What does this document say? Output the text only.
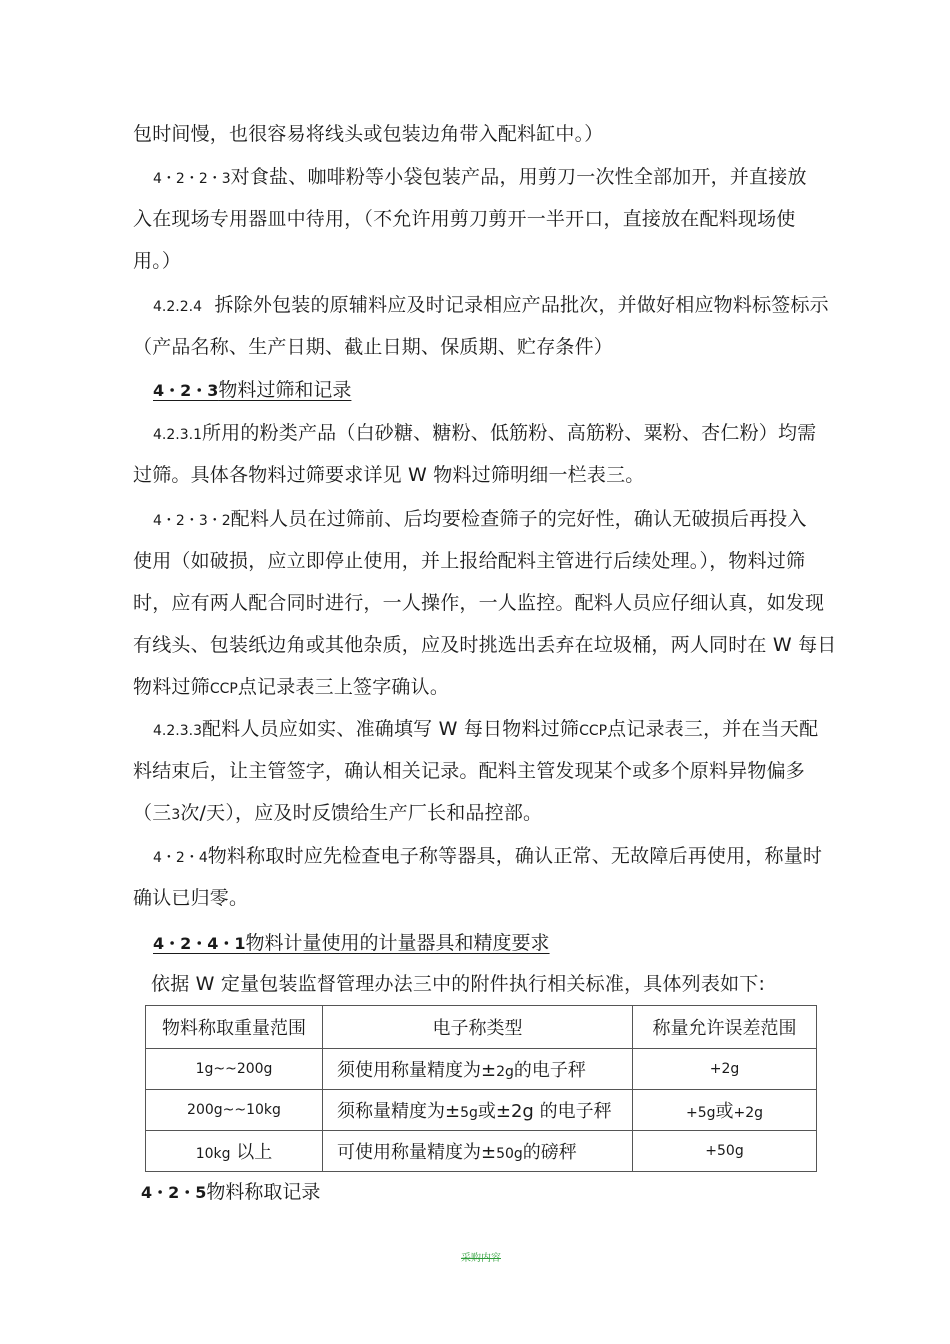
包时间慢，也很容易将线头或包装边角带入配料缸中。）
4・2・2・3对食盐、咖啡粉等小袋包装产品，用剪刀一次性全部加开，并直接放
入在现场专用器皿中待用，（不允许用剪刀剪开一半开口，直接放在配料现场使
用。）
4.2.2.4 拆除外包装的原辅料应及时记录相应产品批次，并做好相应物料标签标示
（产品名称、生产日期、截止日期、保质期、贮存条件）
4・2・3物料过筛和记录
4.2.3.1所用的粉类产品（白砂糖、糖粉、低筋粉、高筋粉、粟粉、杏仁粉）均需
过筛。具体各物料过筛要求详见 W 物料过筛明细一栏表三。
4・2・3・2配料人员在过筛前、后均要检查筛子的完好性，确认无破损后再投入
使用（如破损，应立即停止使用，并上报给配料主管进行后续处理。），物料过筛
时，应有两人配合同时进行，一人操作，一人监控。配料人员应仔细认真，如发现
有线头、包装纸边角或其他杂质，应及时挑选出丢弃在垃圾桶，两人同时在 W 每日
物料过筛CCP点记录表三上签字确认。
4.2.3.3配料人员应如实、准确填写 W 每日物料过筛CCP点记录表三，并在当天配
料结束后，让主管签字，确认相关记录。配料主管发现某个或多个原料异物偏多
（三3次/天），应及时反馈给生产厂长和品控部。
4・2・4物料称取时应先检查电子称等器具，确认正常、无故障后再使用，称量时
确认已归零。
4・2・4・1物料计量使用的计量器具和精度要求
依据 W 定量包装监督管理办法三中的附件执行相关标准，具体列表如下:
物料称取重量范围	电子称类型	称量允许误差范围
1g~~200g	须使用称量精度为±2g的电子秤	+2g
200g~~10kg	须称量精度为±5g或±2g 的电子秤	+5g或+2g
10kg 以上	可使用称量精度为±50g的磅秤	+50g
4・2・5物料称取记录
采购内容
